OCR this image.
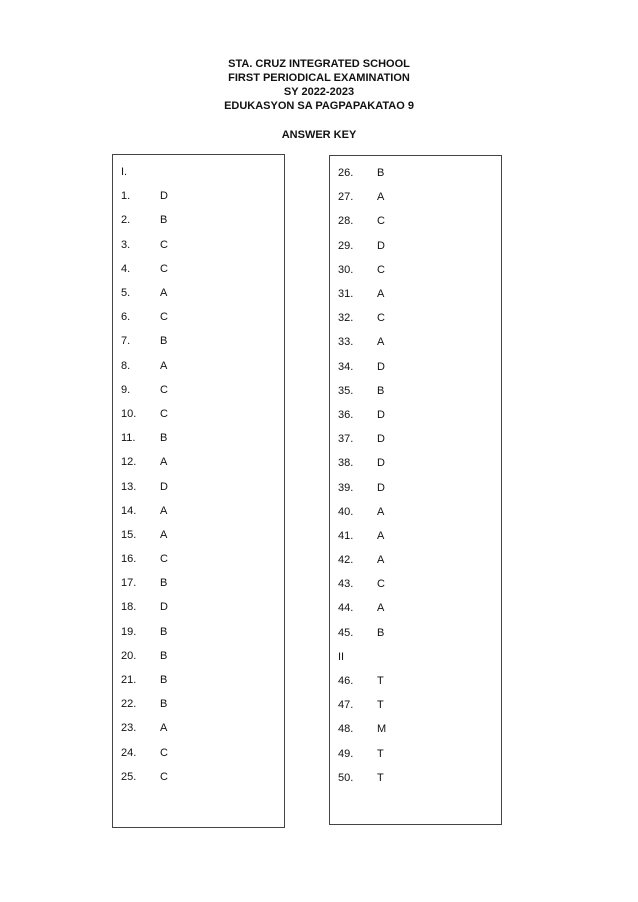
STA. CRUZ INTEGRATED SCHOOL
FIRST PERIODICAL EXAMINATION
SY 2022-2023
EDUKASYON SA PAGPAPAKATAO 9
ANSWER KEY
I.
1.	D
2.	B
3.	C
4.	C
5.	A
6.	C
7.	B
8.	A
9.	C
10.	C
11.	B
12.	A
13.	D
14.	A
15.	A
16.	C
17.	B
18.	D
19.	B
20.	B
21.	B
22.	B
23.	A
24.	C
25.	C
26.	B
27.	A
28.	C
29.	D
30.	C
31.	A
32.	C
33.	A
34.	D
35.	B
36.	D
37.	D
38.	D
39.	D
40.	A
41.	A
42.	A
43.	C
44.	A
45.	B
II
46.	T
47.	T
48.	M
49.	T
50.	T
